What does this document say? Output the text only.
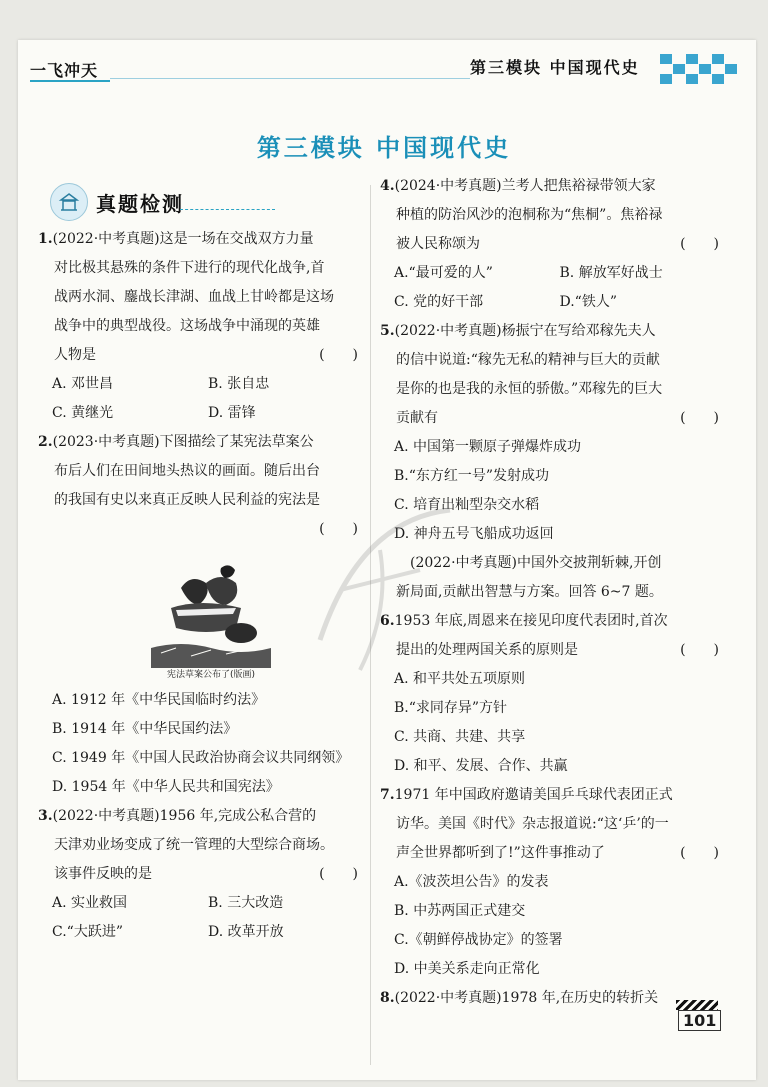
一飞冲天	第三模块 中国现代史
第三模块 中国现代史
真题检测

1.(2022·中考真题)这是一场在交战双方力量

对比极其悬殊的条件下进行的现代化战争,首

战两水洞、鏖战长津湖、血战上甘岭都是这场

战争中的典型战役。这场战争中涌现的英雄

人物是	(　　)

A. 邓世昌	B. 张自忠
C. 黄继光	D. 雷锋

2.(2023·中考真题)下图描绘了某宪法草案公

布后人们在田间地头热议的画面。随后出台

的我国有史以来真正反映人民利益的宪法是

(　　)

宪法草案公布了(版画)
A. 1912 年《中华民国临时约法》
B. 1914 年《中华民国约法》
C. 1949 年《中国人民政治协商会议共同纲领》
D. 1954 年《中华人民共和国宪法》

3.(2022·中考真题)1956 年,完成公私合营的

天津劝业场变成了统一管理的大型综合商场。

该事件反映的是	(　　)

A. 实业救国	B. 三大改造
C.“大跃进”	D. 改革开放

4.(2024·中考真题)兰考人把焦裕禄带领大家

种植的防治风沙的泡桐称为“焦桐”。焦裕禄

被人民称颂为	(　　)

A.“最可爱的人”	B. 解放军好战士
C. 党的好干部	D.“铁人”

5.(2022·中考真题)杨振宁在写给邓稼先夫人

的信中说道:“稼先无私的精神与巨大的贡献

是你的也是我的永恒的骄傲。”邓稼先的巨大

贡献有	(　　)

A. 中国第一颗原子弹爆炸成功
B.“东方红一号”发射成功
C. 培育出籼型杂交水稻
D. 神舟五号飞船成功返回

(2022·中考真题)中国外交披荆斩棘,开创

新局面,贡献出智慧与方案。回答 6~7 题。

6.1953 年底,周恩来在接见印度代表团时,首次

提出的处理两国关系的原则是	(　　)

A. 和平共处五项原则
B.“求同存异”方针
C. 共商、共建、共享
D. 和平、发展、合作、共赢

7.1971 年中国政府邀请美国乒乓球代表团正式

访华。美国《时代》杂志报道说:“这‘乒’的一

声全世界都听到了!”这件事推动了	(　　)

A.《波茨坦公告》的发表
B. 中苏两国正式建交
C.《朝鲜停战协定》的签署
D. 中美关系走向正常化

8.(2022·中考真题)1978 年,在历史的转折关

101
